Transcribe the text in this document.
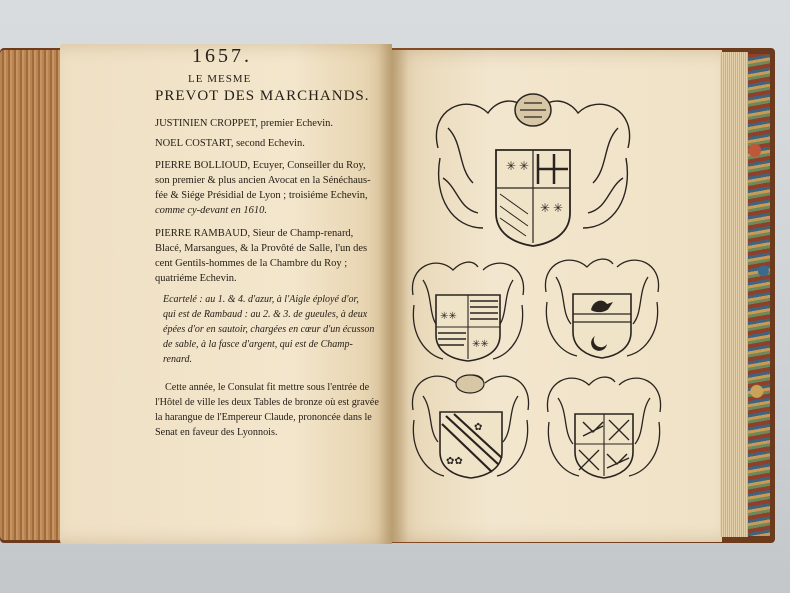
1657.
LE MESME
PREVOT DES MARCHANDS.
JUSTINIEN CROPPET, premier Echevin.
NOEL COSTART, second Echevin.
PIERRE BOLLIOUD, Ecuyer, Conseiller du Roy,
son premier & plus ancien Avocat en la Sénéchaus-
fée & Siége Présidial de Lyon ; troisiéme Echevin,
comme cy-devant en 1610.
PIERRE RAMBAUD, Sieur de Champ-renard,
Blacé, Marsangues, & la Provôté de Salle, l'un des
cent Gentils-hommes de la Chambre du Roy ;
quatriéme Echevin.
Ecartelé : au 1. & 4. d'azur, à l'Aigle éployé d'or,
qui est de Rambaud : au 2. & 3. de gueules, à deux
épées d'or en sautoir, chargées en cœur d'un écusson
de sable, à la fasce d'argent, qui est de Champ-
renard.
Cette année, le Consulat fit mettre sous l'entrée de
l'Hôtel de ville les deux Tables de bronze où est gravée
la harangue de l'Empereur Claude, prononcée dans le
Senat en faveur des Lyonnois.
✳ ✳
✳ ✳
✳✳
✳✳
✿✿
✿
